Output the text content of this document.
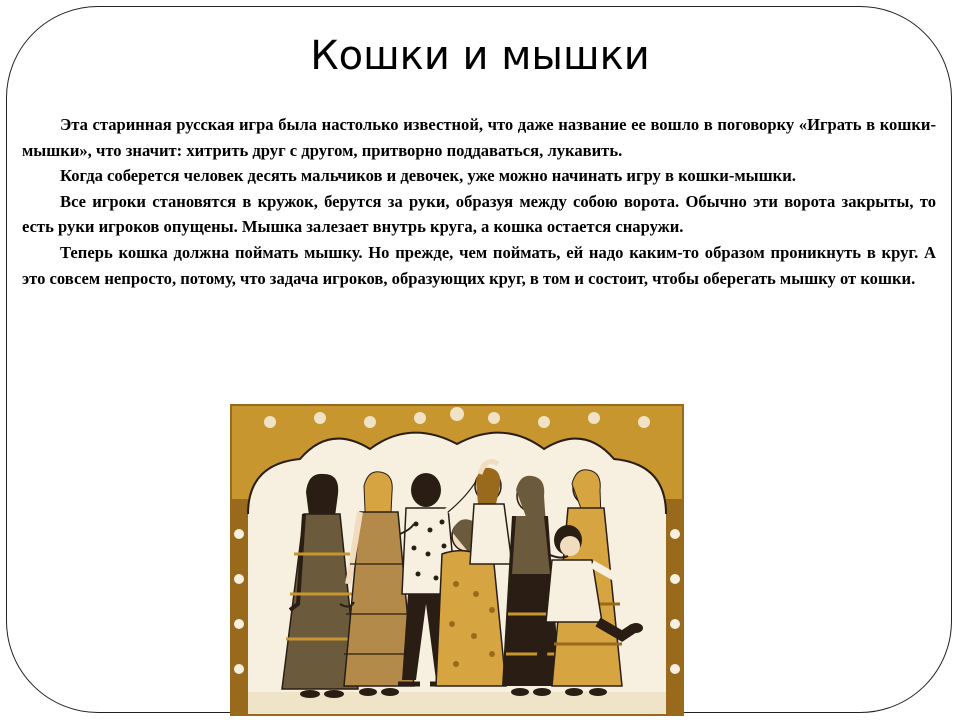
Кошки и мышки

Эта старинная русская игра была настолько известной, что даже название ее вошло в поговорку «Играть в кошки-мышки», что значит: хитрить друг с другом, притворно поддаваться, лукавить.

Когда соберется человек десять мальчиков и девочек, уже можно начинать игру в кошки-мышки.

Все игроки становятся в кружок, берутся за руки, образуя между собою ворота. Обычно эти ворота закрыты, то есть руки игроков опущены. Мышка залезает внутрь круга, а кошка остается снаружи.

Теперь кошка должна поймать мышку. Но прежде, чем поймать, ей надо каким-то образом проникнуть в круг. А это совсем непросто, потому, что задача игроков, образующих круг, в том и состоит, чтобы оберегать мышку от кошки.
